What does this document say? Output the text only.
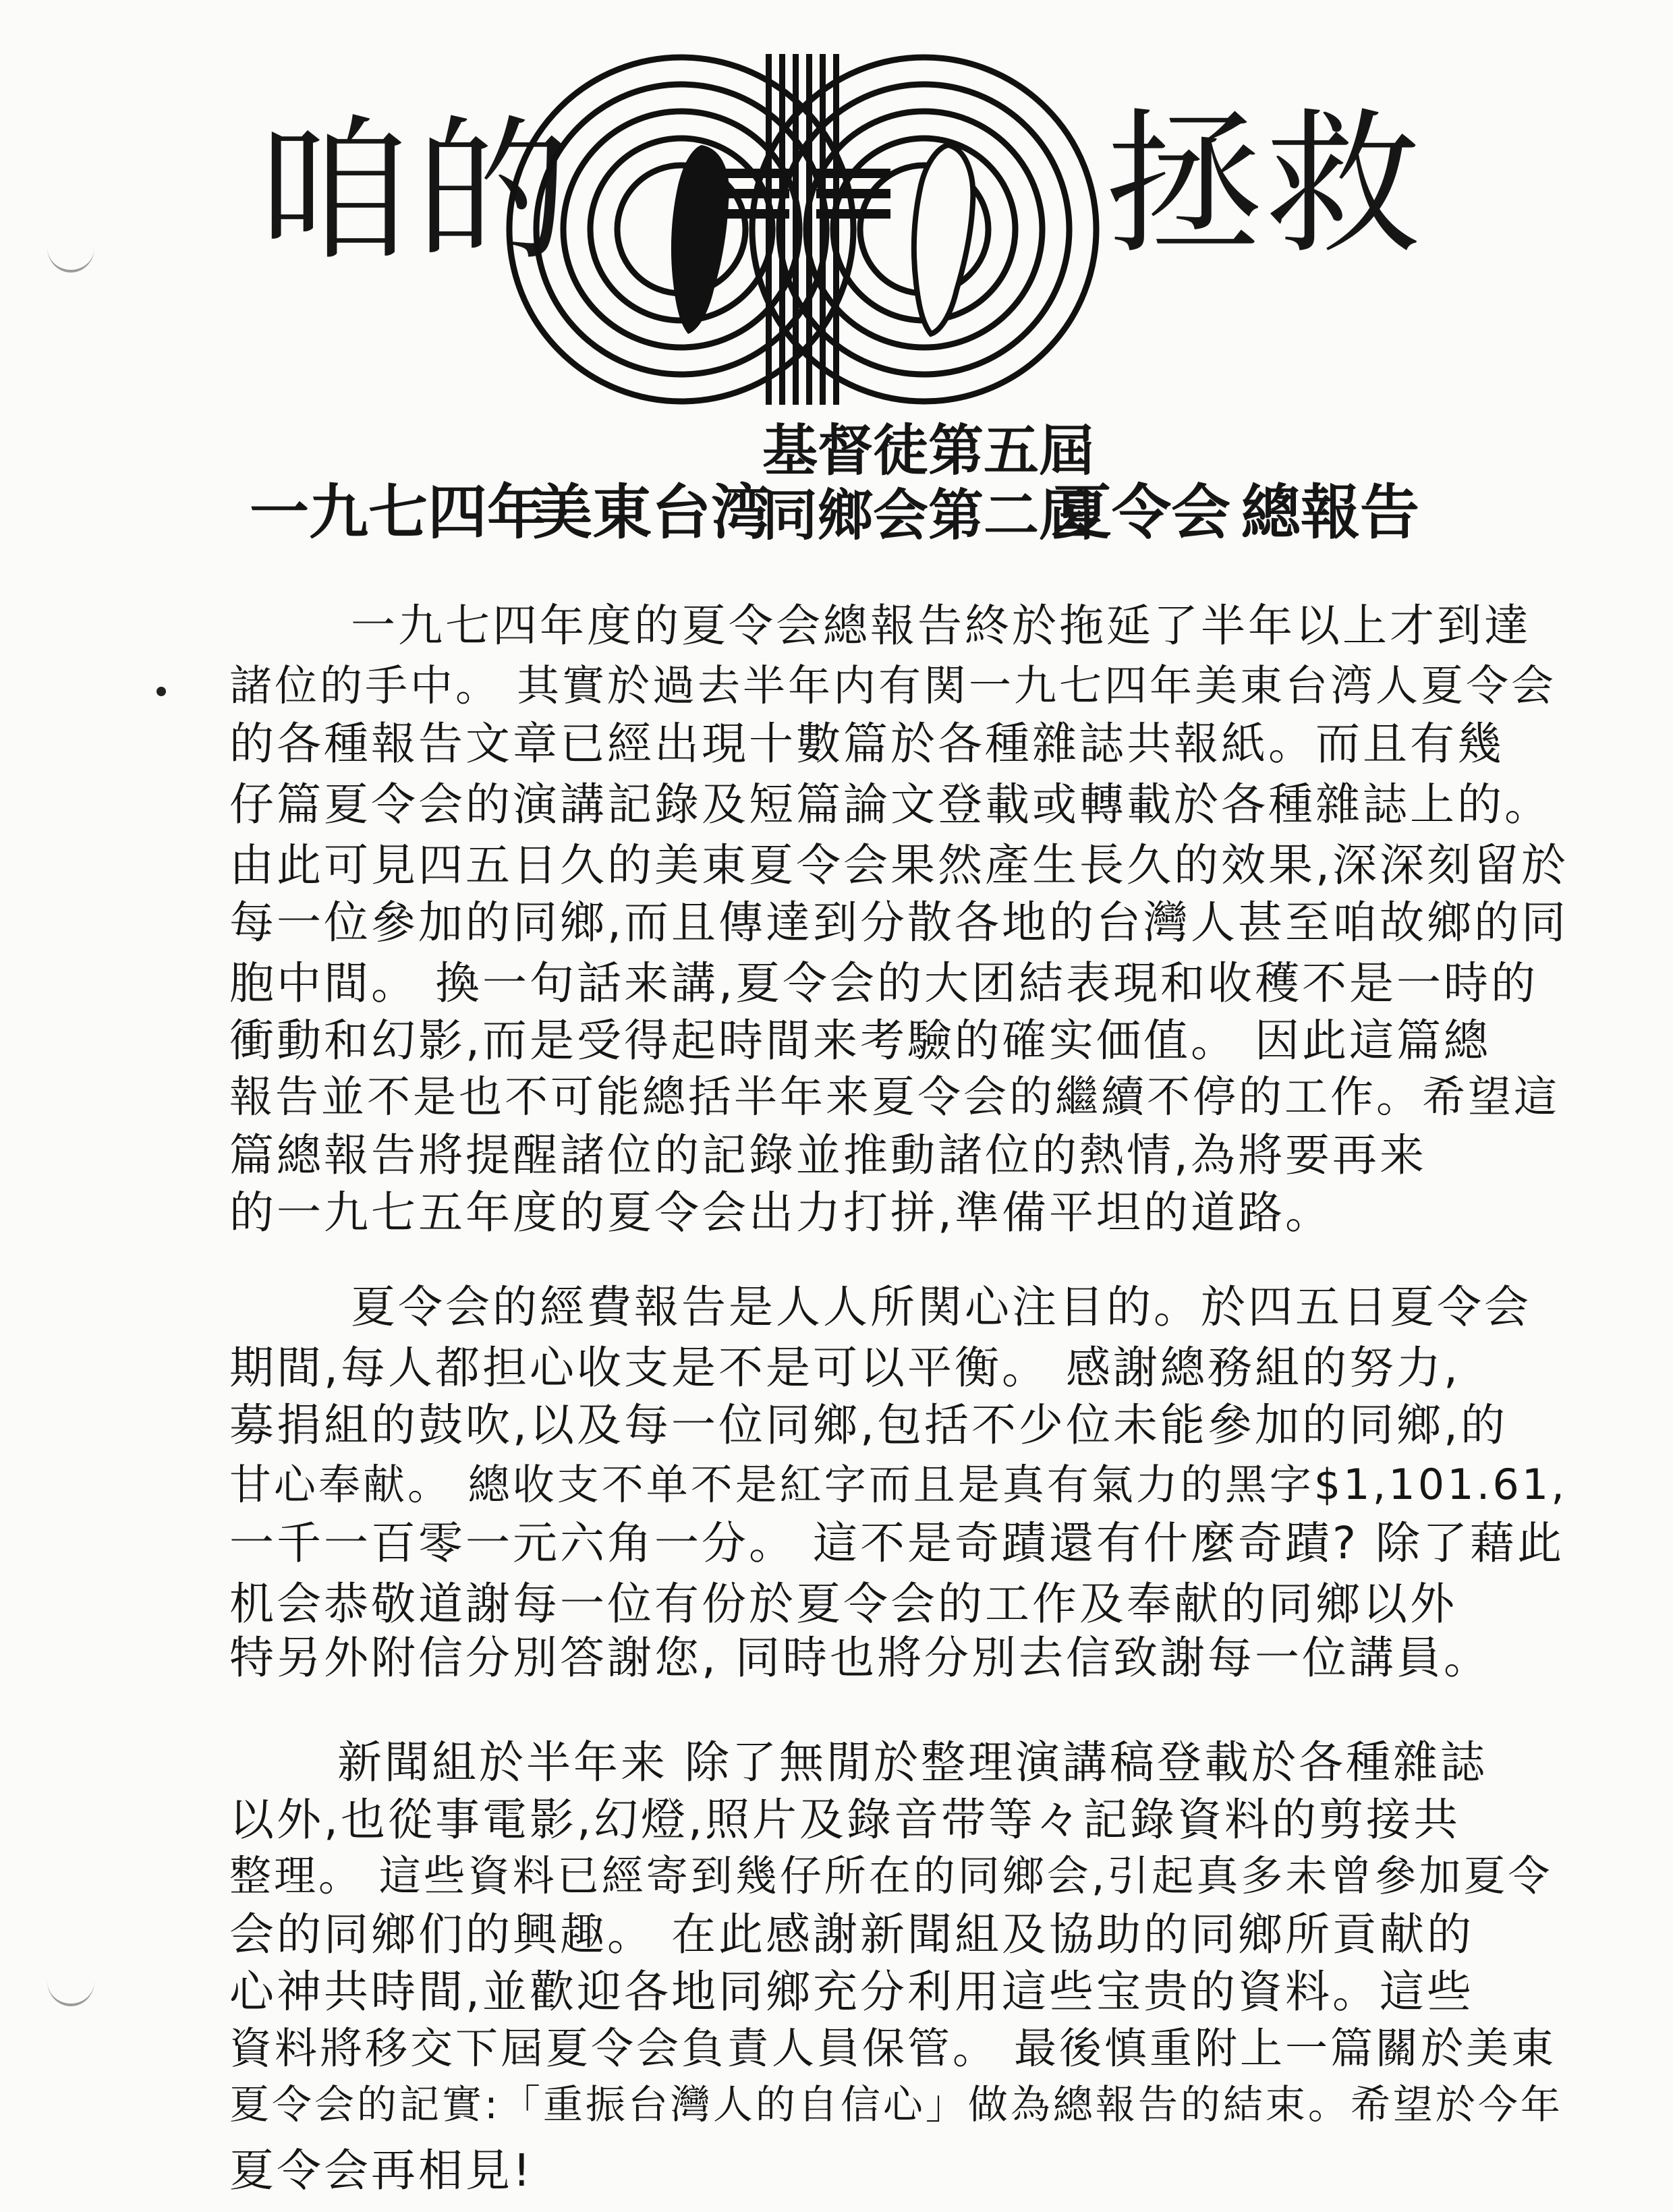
咱的	拯救
一九七四年
美東台湾
基督徒第五屆
同鄉会第二屆
夏令会 總報告
一九七四年度的夏令会總報告終於拖延了半年以上才到達
諸位的手中。 其實於過去半年内有関一九七四年美東台湾人夏令会
的各種報告文章已經出現十數篇於各種雜誌共報紙。而且有幾
仔篇夏令会的演講記錄及短篇論文登載或轉載於各種雜誌上的。
由此可見四五日久的美東夏令会果然產生長久的效果,深深刻留於
每一位參加的同鄉,而且傳達到分散各地的台灣人甚至咱故鄉的同
胞中間。 換一句話来講,夏令会的大团結表現和收穫不是一時的
衝動和幻影,而是受得起時間来考驗的確实価值。 因此這篇總
報告並不是也不可能總括半年来夏令会的繼續不停的工作。希望這
篇總報告將提醒諸位的記錄並推動諸位的熱情,為將要再来
的一九七五年度的夏令会出力打拼,準備平坦的道路。
夏令会的經費報告是人人所関心注目的。於四五日夏令会
期間,每人都担心收支是不是可以平衡。 感謝總務組的努力,
募捐組的鼓吹,以及每一位同鄉,包括不少位未能參加的同鄉,的
甘心奉献。 總收支不单不是紅字而且是真有氣力的黑字$1,101.61,
一千一百零一元六角一分。 這不是奇蹟還有什麼奇蹟? 除了藉此
机会恭敬道謝每一位有份於夏令会的工作及奉献的同鄉以外
特另外附信分別答謝您, 同時也將分別去信致謝每一位講員。
新聞組於半年来 除了無閒於整理演講稿登載於各種雜誌
以外,也從事電影,幻燈,照片及錄音带等々記錄資料的剪接共
整理。 這些資料已經寄到幾仔所在的同鄉会,引起真多未曾參加夏令
会的同鄉们的興趣。 在此感謝新聞組及協助的同鄉所貢献的
心神共時間,並歡迎各地同鄉充分利用這些宝贵的資料。這些
資料將移交下屆夏令会負責人員保管。 最後慎重附上一篇關於美東
夏令会的記實:「重振台灣人的自信心」做為總報告的結束。希望於今年
夏令会再相見!
